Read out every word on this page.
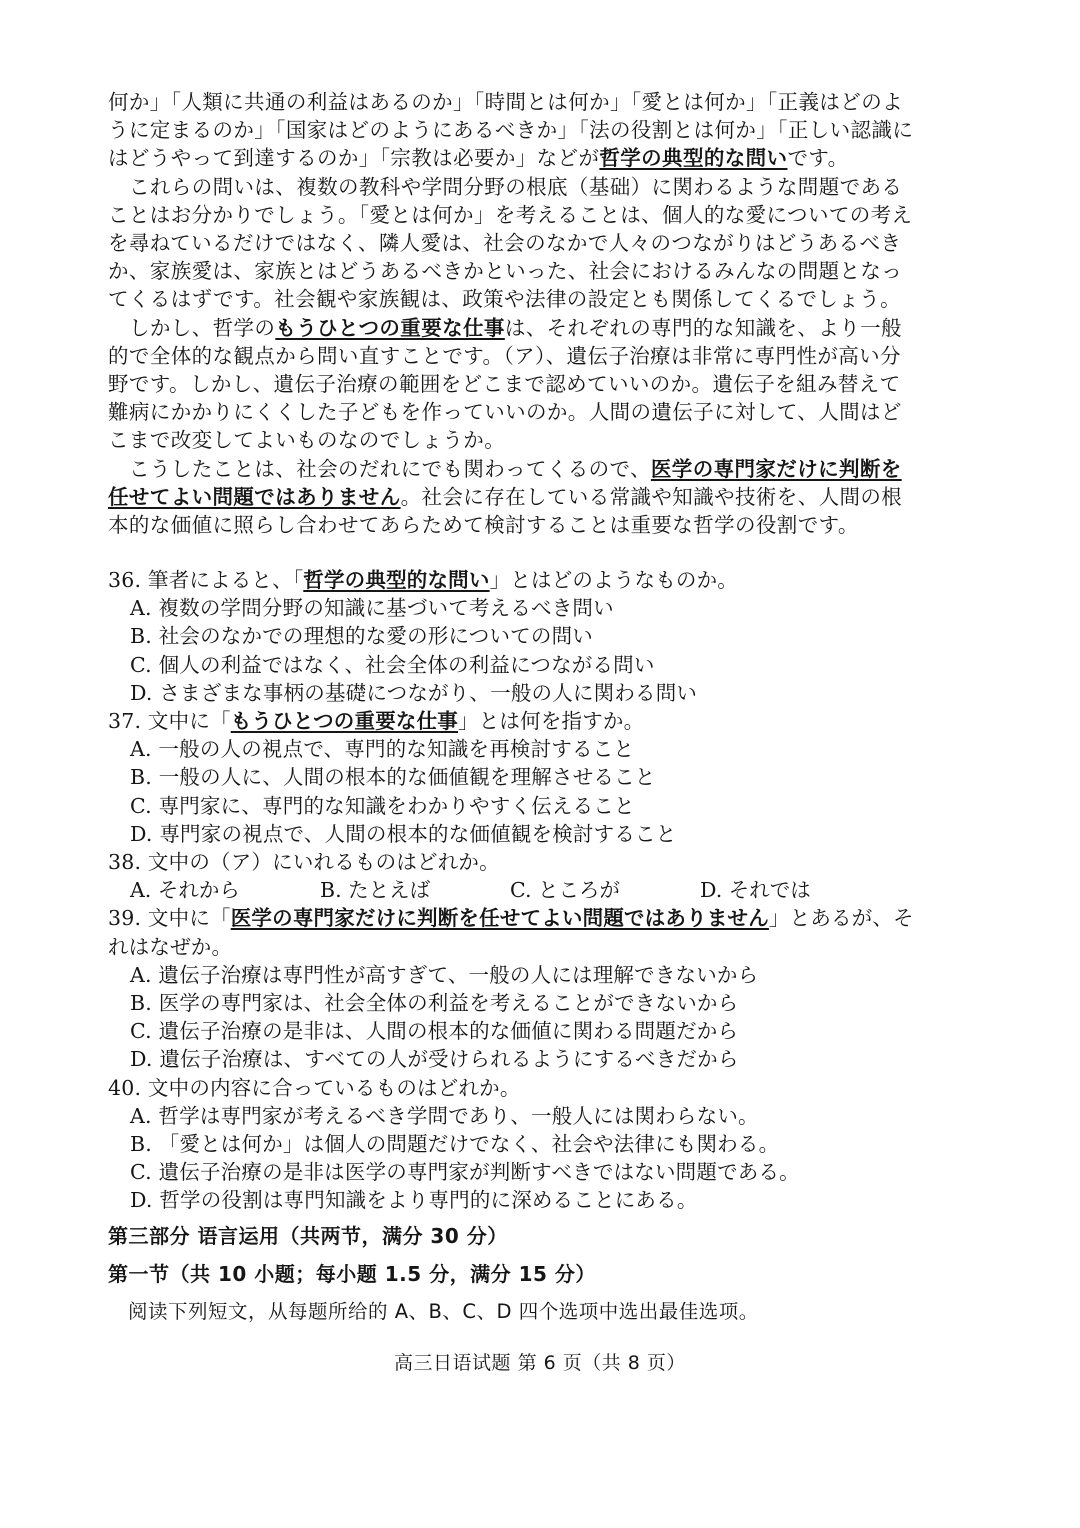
何か」「人類に共通の利益はあるのか」「時間とは何か」「愛とは何か」「正義はどのよ
うに定まるのか」「国家はどのようにあるべきか」「法の役割とは何か」「正しい認識に
はどうやって到達するのか」「宗教は必要か」などが哲学の典型的な問いです。
これらの問いは、複数の教科や学問分野の根底（基础）に関わるような問題である
ことはお分かりでしょう。「愛とは何か」を考えることは、個人的な愛についての考え
を尋ねているだけではなく、隣人愛は、社会のなかで人々のつながりはどうあるべき
か、家族愛は、家族とはどうあるべきかといった、社会におけるみんなの問題となっ
てくるはずです。社会観や家族観は、政策や法律の設定とも関係してくるでしょう。
しかし、哲学のもうひとつの重要な仕事は、それぞれの専門的な知識を、より一般
的で全体的な観点から問い直すことです。（ア）、遺伝子治療は非常に専門性が高い分
野です。しかし、遺伝子治療の範囲をどこまで認めていいのか。遺伝子を組み替えて
難病にかかりにくくした子どもを作っていいのか。人間の遺伝子に対して、人間はど
こまで改変してよいものなのでしょうか。
こうしたことは、社会のだれにでも関わってくるので、医学の専門家だけに判断を
任せてよい問題ではありません。社会に存在している常識や知識や技術を、人間の根
本的な価値に照らし合わせてあらためて検討することは重要な哲学の役割です。
36. 筆者によると、「哲学の典型的な問い」とはどのようなものか。
A. 複数の学問分野の知識に基づいて考えるべき問い
B. 社会のなかでの理想的な愛の形についての問い
C. 個人の利益ではなく、社会全体の利益につながる問い
D. さまざまな事柄の基礎につながり、一般の人に関わる問い
37. 文中に「もうひとつの重要な仕事」とは何を指すか。
A. 一般の人の視点で、専門的な知識を再検討すること
B. 一般の人に、人間の根本的な価値観を理解させること
C. 専門家に、専門的な知識をわかりやすく伝えること
D. 専門家の視点で、人間の根本的な価値観を検討すること
38. 文中の（ア）にいれるものはどれか。
A. それから	B. たとえば	C. ところが	D. それでは
39. 文中に「医学の専門家だけに判断を任せてよい問題ではありません」とあるが、そ
れはなぜか。
A. 遺伝子治療は専門性が高すぎて、一般の人には理解できないから
B. 医学の専門家は、社会全体の利益を考えることができないから
C. 遺伝子治療の是非は、人間の根本的な価値に関わる問題だから
D. 遺伝子治療は、すべての人が受けられるようにするべきだから
40. 文中の内容に合っているものはどれか。
A. 哲学は専門家が考えるべき学問であり、一般人には関わらない。
B. 「愛とは何か」は個人の問題だけでなく、社会や法律にも関わる。
C. 遺伝子治療の是非は医学の専門家が判断すべきではない問題である。
D. 哲学の役割は専門知識をより専門的に深めることにある。
第三部分 语言运用（共两节，满分 30 分）
第一节（共 10 小题；每小题 1.5 分，满分 15 分）
阅读下列短文，从每题所给的 A、B、C、D 四个选项中选出最佳选项。
高三日语试题 第 6 页（共 8 页）
